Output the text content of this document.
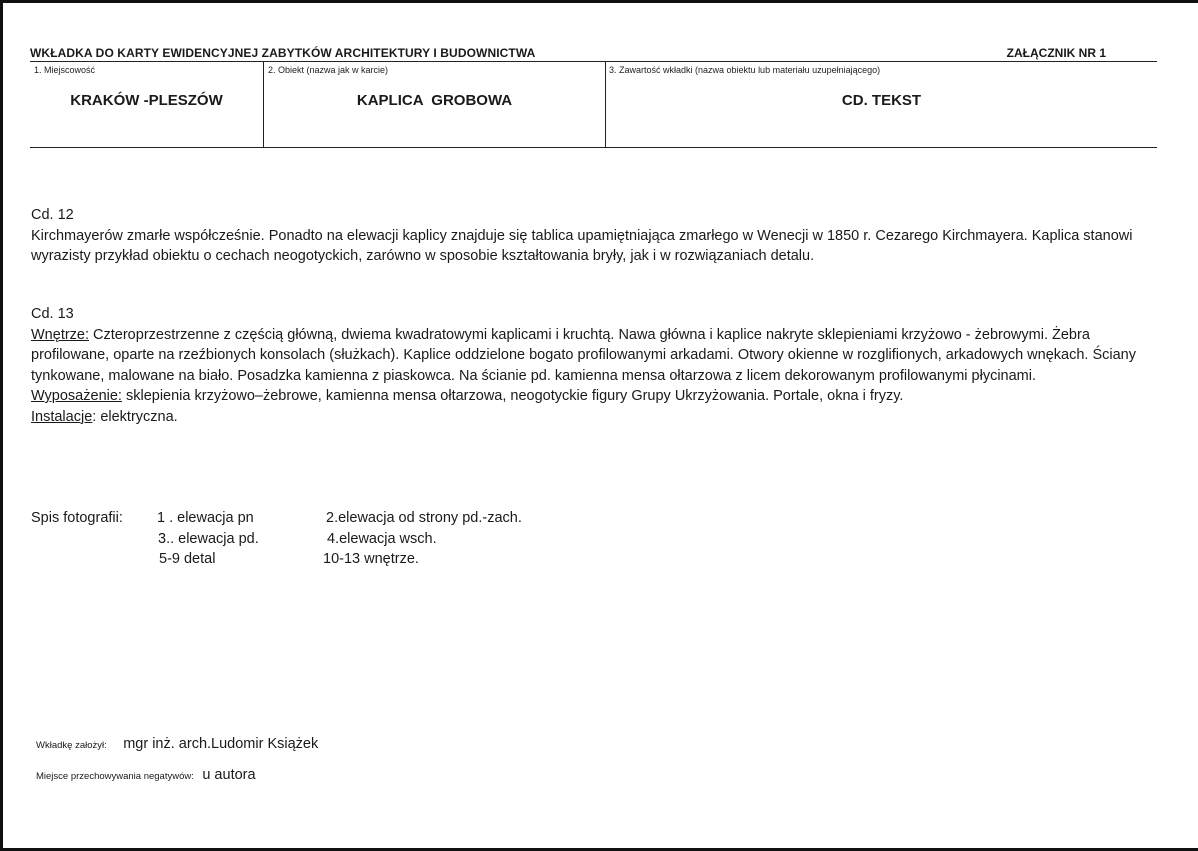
WKŁADKA DO KARTY EWIDENCYJNEJ ZABYTKÓW ARCHITEKTURY I BUDOWNICTWA	ZAŁĄCZNIK NR 1
1. Miejscowość	2. Obiekt (nazwa jak w karcie)	3. Zawartość wkładki (nazwa obiektu lub materiału uzupełniającego)
KRAKÓW -PLESZÓW	KAPLICA  GROBOWA	CD. TEKST

Cd. 12

Kirchmayerów zmarłe współcześnie. Ponadto na elewacji kaplicy znajduje się tablica upamiętniająca zmarłego w Wenecji w 1850 r. Cezarego Kirchmayera. Kaplica stanowi wyrazisty przykład obiektu o cechach neogotyckich, zarówno w sposobie kształtowania bryły, jak i w rozwiązaniach detalu.

Cd. 13

Wnętrze: Czteroprzestrzenne z częścią główną, dwiema kwadratowymi kaplicami i kruchtą. Nawa główna i kaplice nakryte sklepieniami krzyżowo - żebrowymi. Żebra profilowane, oparte na rzeźbionych konsolach (służkach). Kaplice oddzielone bogato profilowanymi arkadami. Otwory okienne w rozglifionych, arkadowych wnękach. Ściany tynkowane, malowane na biało. Posadzka kamienna z piaskowca. Na ścianie pd. kamienna mensa ołtarzowa z licem dekorowanym profilowanymi płycinami.

Wyposażenie: sklepienia krzyżowo–żebrowe, kamienna mensa ołtarzowa, neogotyckie figury Grupy Ukrzyżowania. Portale, okna i fryzy.

Instalacje: elektryczna.

Spis fotografii: 1 . elewacja pn	2.elewacja od strony pd.-zach.
3.. elewacja pd.	4.elewacja wsch.
5-9 detal	10-13 wnętrze.
Wkładkę założył: mgr inż. arch.Ludomir Książek
Miejsce przechowywania negatywów: u autora
